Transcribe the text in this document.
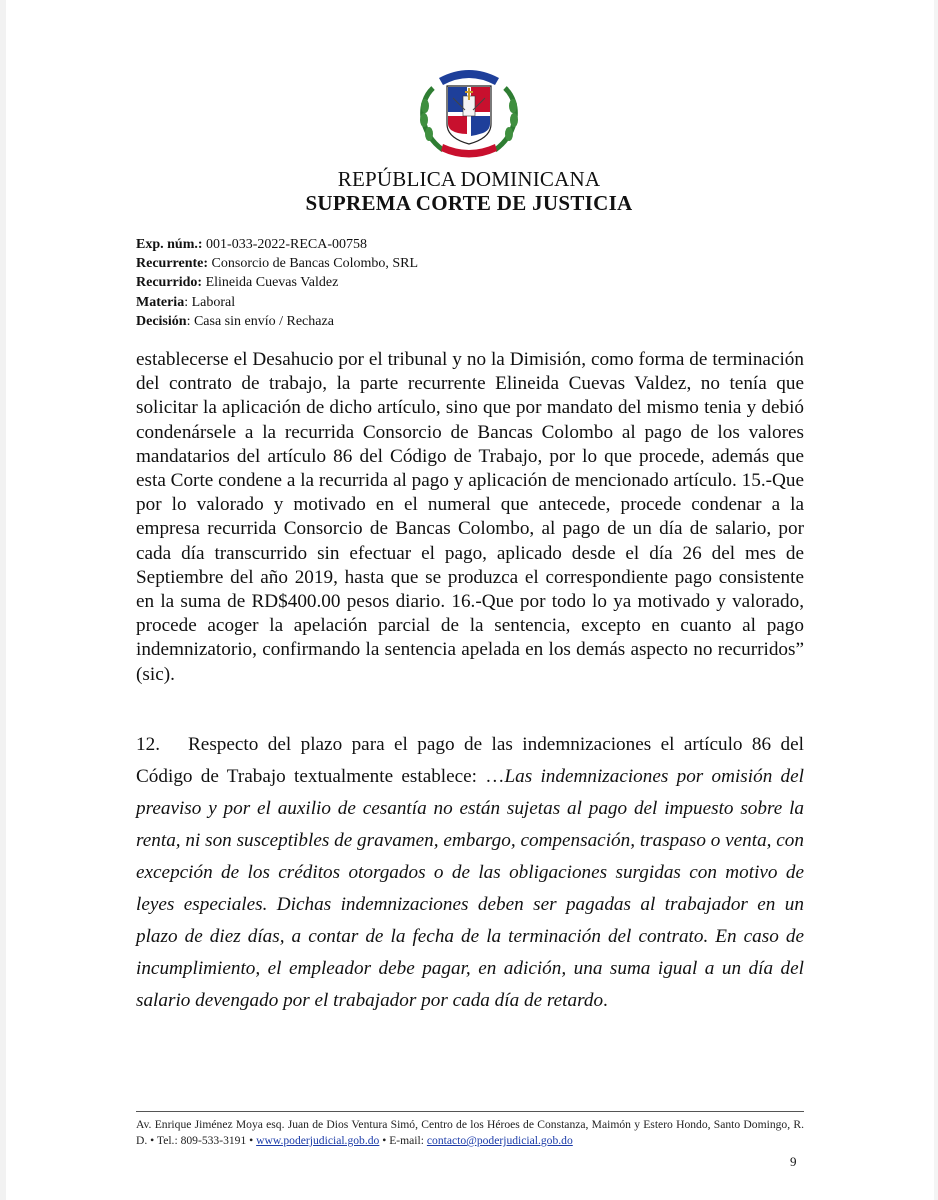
REPÚBLICA DOMINICANA
SUPREMA CORTE DE JUSTICIA
Exp. núm.: 001-033-2022-RECA-00758
Recurrente: Consorcio de Bancas Colombo, SRL
Recurrido: Elineida Cuevas Valdez
Materia: Laboral
Decisión: Casa sin envío / Rechaza

establecerse el Desahucio por el tribunal y no la Dimisión, como forma de terminación del contrato de trabajo, la parte recurrente Elineida Cuevas Valdez, no tenía que solicitar la aplicación de dicho artículo, sino que por mandato del mismo tenia y debió condenársele a la recurrida Consorcio de Bancas Colombo al pago de los valores mandatarios del artículo 86 del Código de Trabajo, por lo que procede, además que esta Corte condene a la recurrida al pago y aplicación de mencionado artículo. 15.-Que por lo valorado y motivado en el numeral que antecede, procede condenar a la empresa recurrida Consorcio de Bancas Colombo, al pago de un día de salario, por cada día transcurrido sin efectuar el pago, aplicado desde el día 26 del mes de Septiembre del año 2019, hasta que se produzca el correspondiente pago consistente en la suma de RD$400.00 pesos diario. 16.-Que por todo lo ya motivado y valorado, procede acoger la apelación parcial de la sentencia, excepto en cuanto al pago indemnizatorio, confirmando la sentencia apelada en los demás aspecto no recurridos” (sic).

12. Respecto del plazo para el pago de las indemnizaciones el artículo 86 del Código de Trabajo textualmente establece: …Las indemnizaciones por omisión del preaviso y por el auxilio de cesantía no están sujetas al pago del impuesto sobre la renta, ni son susceptibles de gravamen, embargo, compensación, traspaso o venta, con excepción de los créditos otorgados o de las obligaciones surgidas con motivo de leyes especiales. Dichas indemnizaciones deben ser pagadas al trabajador en un plazo de diez días, a contar de la fecha de la terminación del contrato. En caso de incumplimiento, el empleador debe pagar, en adición, una suma igual a un día del salario devengado por el trabajador por cada día de retardo.
Av. Enrique Jiménez Moya esq. Juan de Dios Ventura Simó, Centro de los Héroes de Constanza, Maimón y Estero Hondo, Santo Domingo, R. D. • Tel.: 809-533-3191 • www.poderjudicial.gob.do • E-mail: contacto@poderjudicial.gob.do
9
